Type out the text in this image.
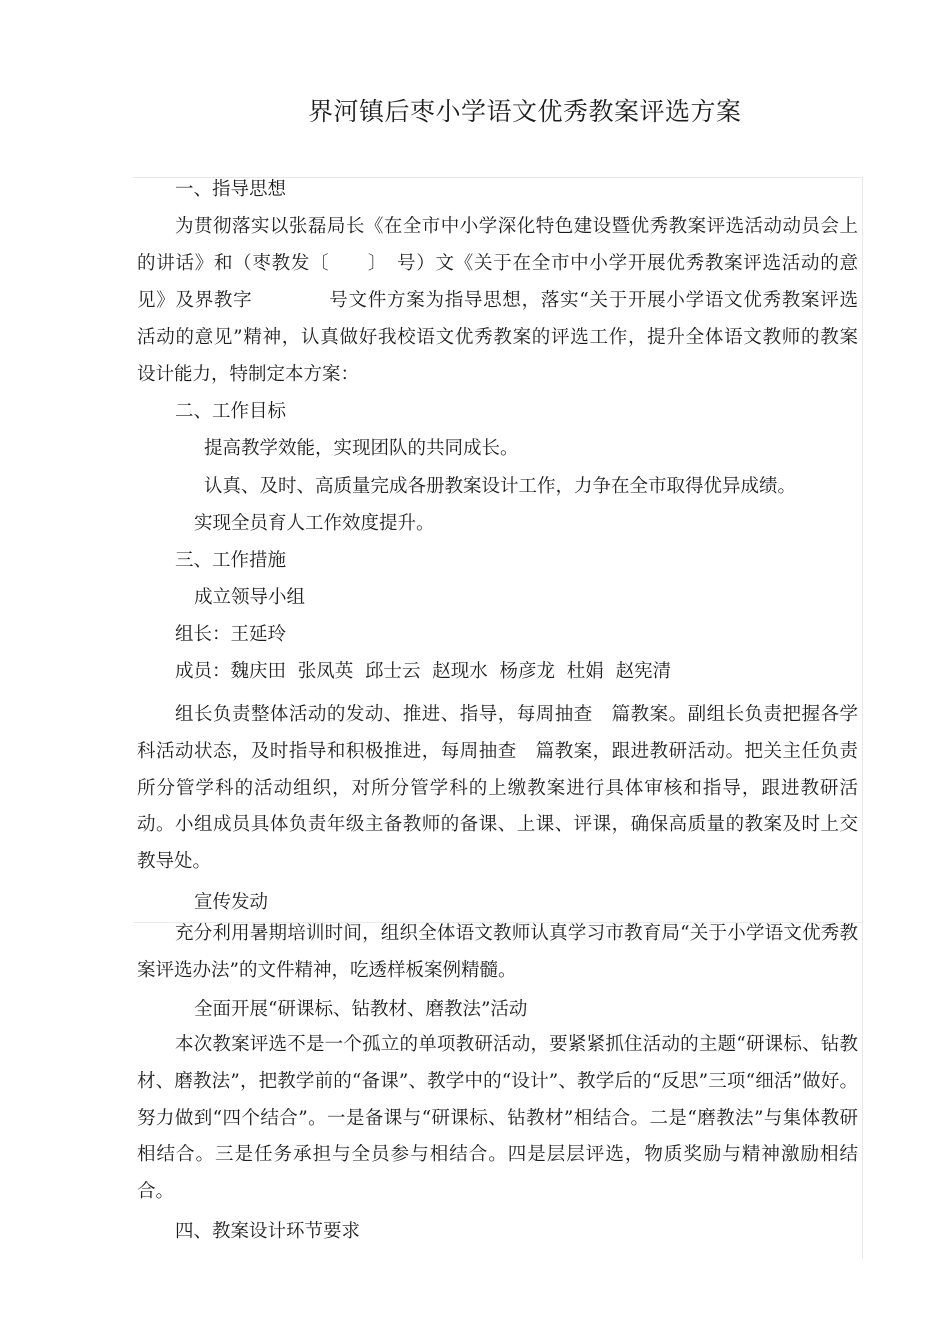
界河镇后枣小学语文优秀教案评选方案
一、指导思想
为贯彻落实以张磊局长《在全市中小学深化特色建设暨优秀教案评选活动动员会上
的讲话》和（枣教发〔　　〕　号）文《关于在全市中小学开展优秀教案评选活动的意
见》及界教字　　　　号文件方案为指导思想，落实“关于开展小学语文优秀教案评选
活动的意见”精神，认真做好我校语文优秀教案的评选工作，提升全体语文教师的教案
设计能力，特制定本方案：
二、工作目标
提高教学效能，实现团队的共同成长。
认真、及时、高质量完成各册教案设计工作，力争在全市取得优异成绩。
实现全员育人工作效度提升。
三、工作措施
成立领导小组
组长：王延玲
成员：魏庆田  张凤英  邱士云  赵现水  杨彦龙  杜娟  赵宪清
组长负责整体活动的发动、推进、指导，每周抽查　篇教案。副组长负责把握各学科活动状态，及时指导和积极推进，每周抽查　篇教案，跟进教研活动。把关主任负责所分管学科的活动组织，对所分管学科的上缴教案进行具体审核和指导，跟进教研活动。小组成员具体负责年级主备教师的备课、上课、评课，确保高质量的教案及时上交教导处。
宣传发动
充分利用暑期培训时间，组织全体语文教师认真学习市教育局“关于小学语文优秀教案评选办法”的文件精神，吃透样板案例精髓。
全面开展“研课标、钻教材、磨教法”活动
本次教案评选不是一个孤立的单项教研活动，要紧紧抓住活动的主题“研课标、钻教材、磨教法”，把教学前的“备课”、教学中的“设计”、教学后的“反思”三项“细活”做好。努力做到“四个结合”。一是备课与“研课标、钻教材”相结合。二是“磨教法”与集体教研相结合。三是任务承担与全员参与相结合。四是层层评选，物质奖励与精神激励相结合。
四、教案设计环节要求
